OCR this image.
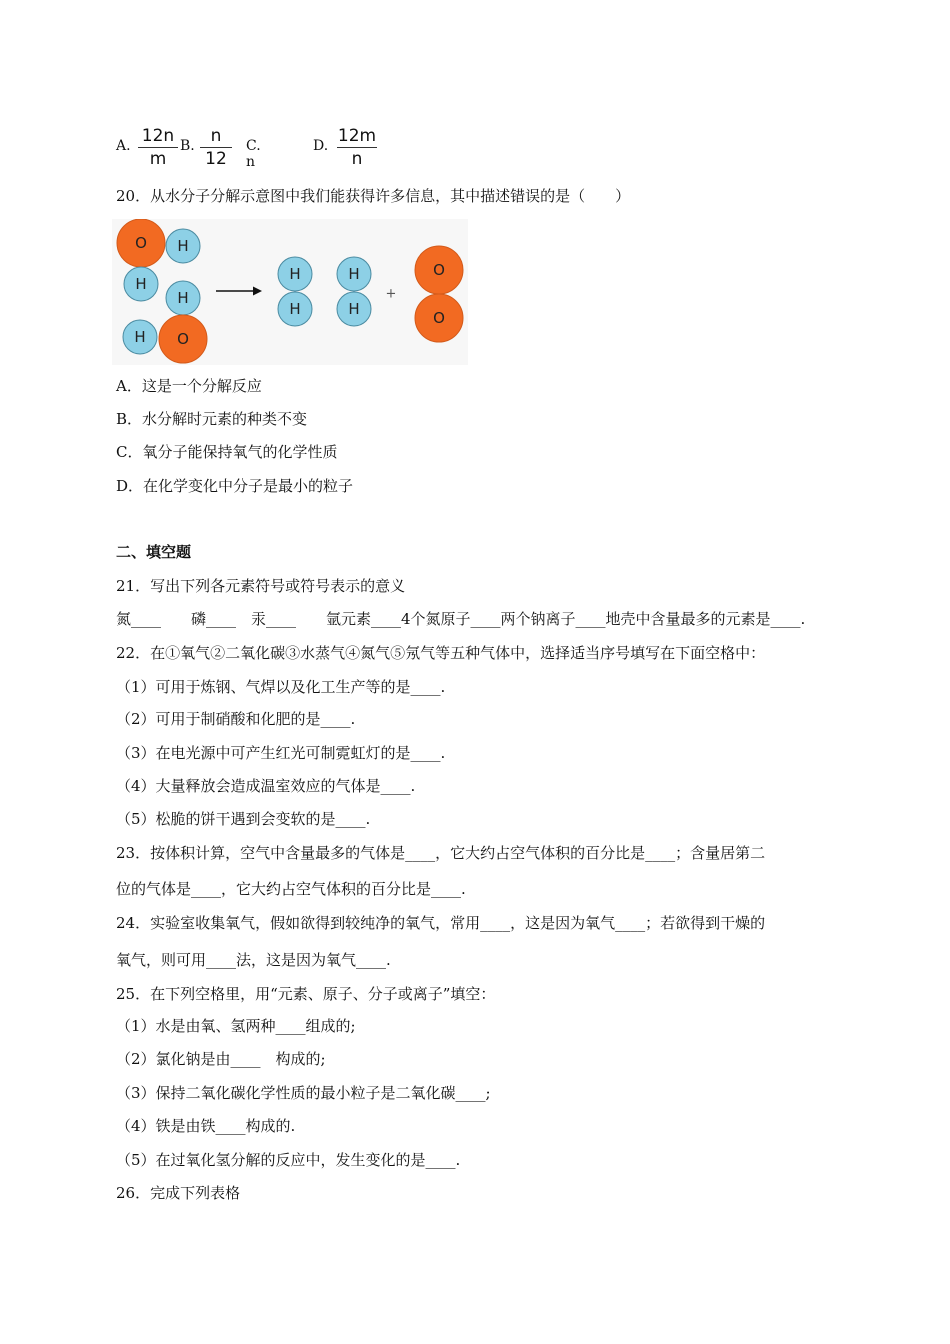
A. 12n
m
B. n
12
C. n
D. 12m
n
20．从水分子分解示意图中我们能获得许多信息，其中描述错误的是（　　）
O H
H
H
H O
H
H
H
H
+
O
O
A．这是一个分解反应
B．水分解时元素的种类不变
C．氧分子能保持氧气的化学性质
D．在化学变化中分子是最小的粒子
二、填空题
21．写出下列各元素符号或符号表示的意义
氮____　　磷____　汞____　　氩元素____4个氮原子____两个钠离子____地壳中含量最多的元素是____.
22．在①氧气②二氧化碳③水蒸气④氮气⑤氖气等五种气体中，选择适当序号填写在下面空格中：
（1）可用于炼钢、气焊以及化工生产等的是____.
（2）可用于制硝酸和化肥的是____.
（3）在电光源中可产生红光可制霓虹灯的是____.
（4）大量释放会造成温室效应的气体是____.
（5）松脆的饼干遇到会变软的是____.
23．按体积计算，空气中含量最多的气体是____，它大约占空气体积的百分比是____；含量居第二
位的气体是____，它大约占空气体积的百分比是____.
24．实验室收集氧气，假如欲得到较纯净的氧气，常用____，这是因为氧气____；若欲得到干燥的
氧气，则可用____法，这是因为氧气____.
25．在下列空格里，用“元素、原子、分子或离子”填空：
（1）水是由氧、氢两种____组成的;
（2）氯化钠是由____　构成的;
（3）保持二氧化碳化学性质的最小粒子是二氧化碳____;
（4）铁是由铁____构成的.
（5）在过氧化氢分解的反应中，发生变化的是____.
26．完成下列表格
